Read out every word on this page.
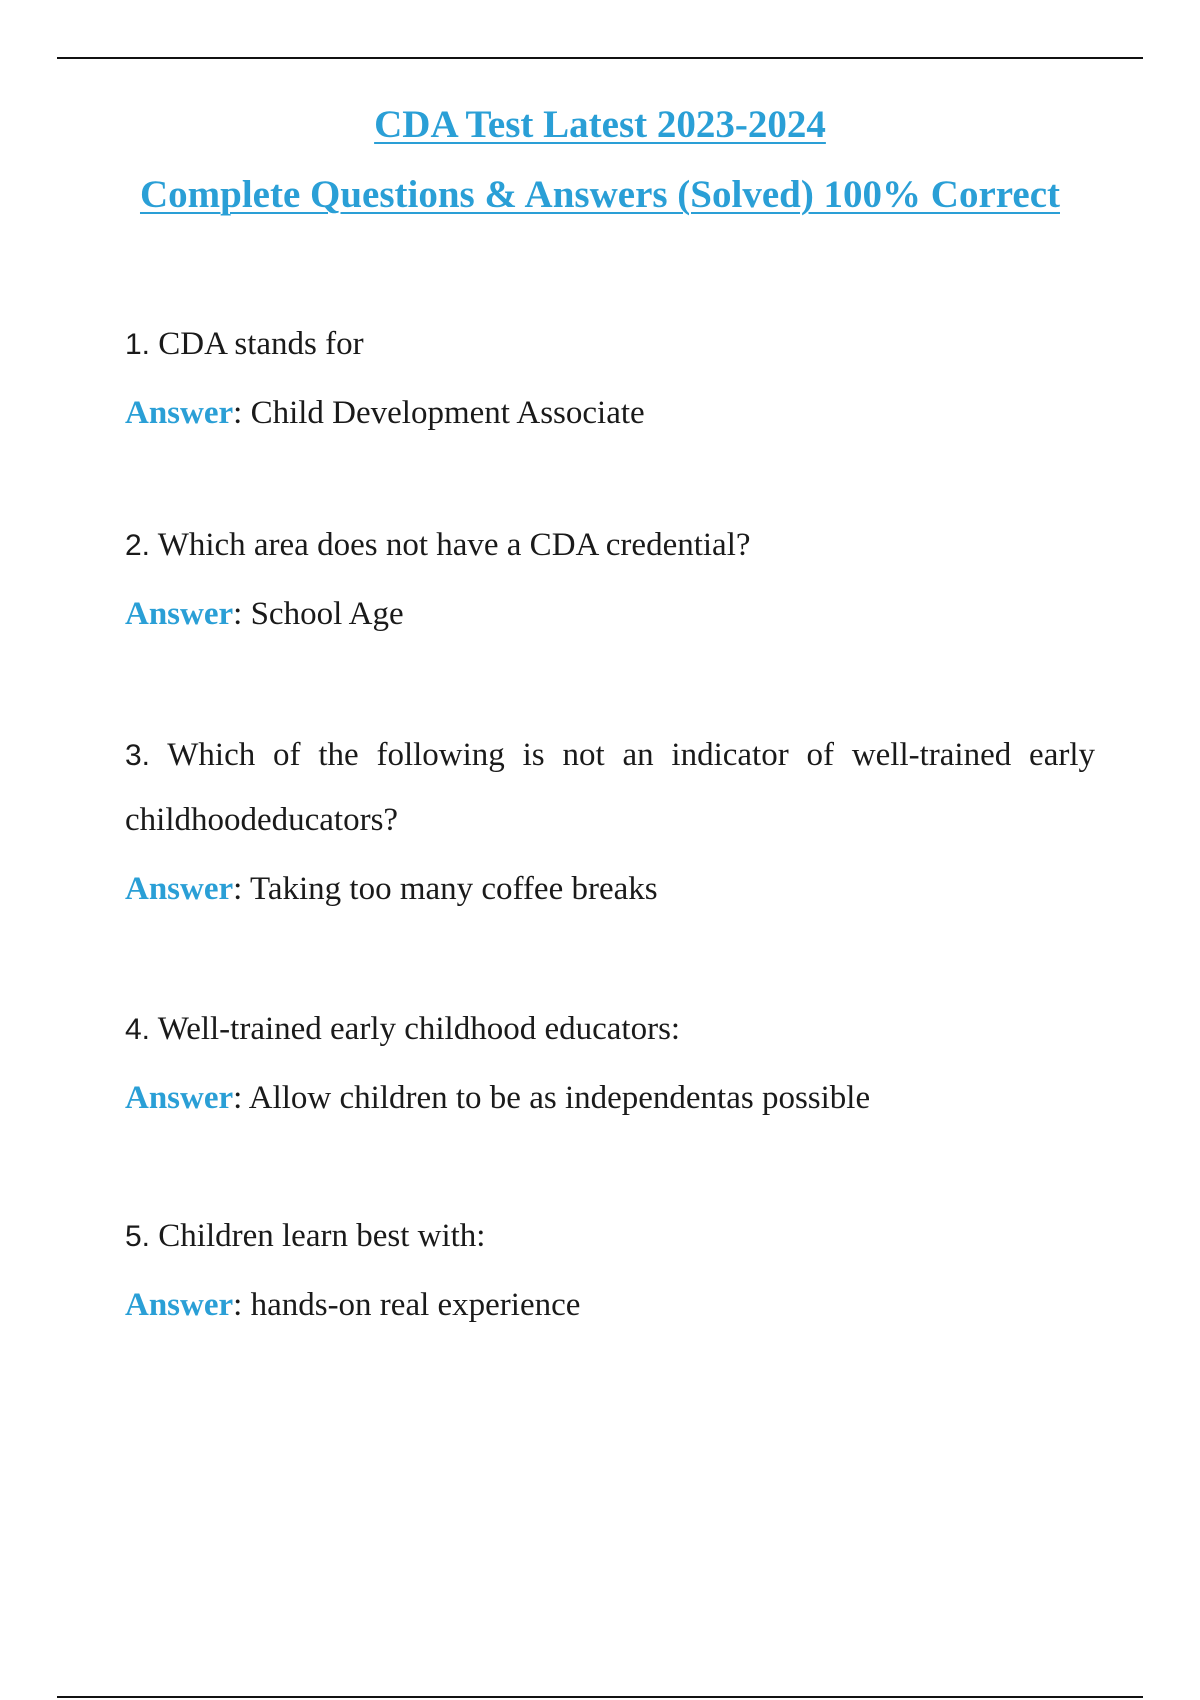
CDA Test Latest 2023-2024
Complete Questions & Answers (Solved) 100% Correct
1. CDA stands for
Answer: Child Development Associate
2. Which area does not have a CDA credential?
Answer: School Age
3. Which of the following is not an indicator of well-trained early childhoodeducators?
Answer: Taking too many coffee breaks
4. Well-trained early childhood educators:
Answer: Allow children to be as independentas possible
5. Children learn best with:
Answer: hands-on real experience
